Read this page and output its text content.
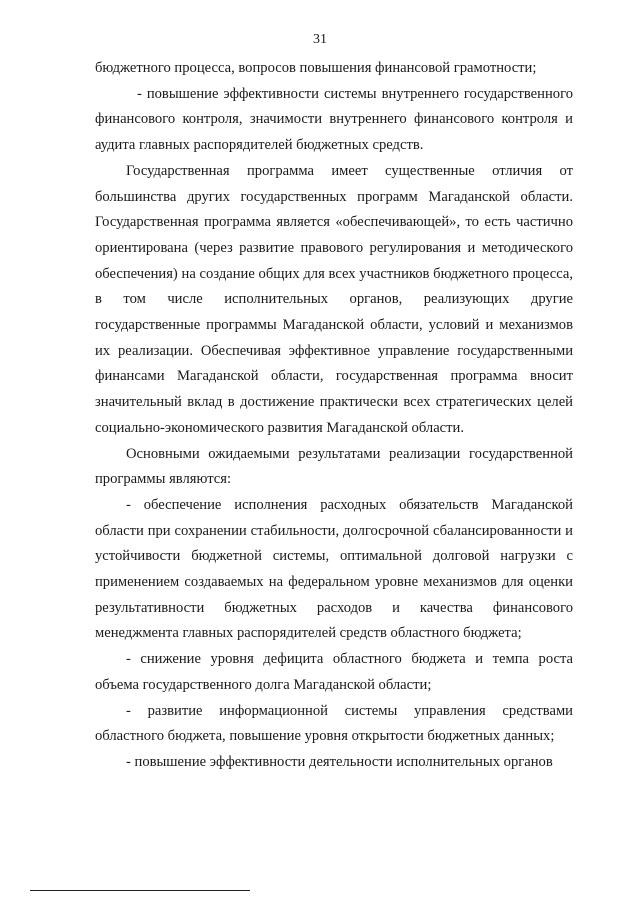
31

бюджетного процесса, вопросов повышения финансовой грамотности;

- повышение эффективности системы внутреннего государственного финансового контроля, значимости внутреннего финансового контроля и аудита главных распорядителей бюджетных средств.

Государственная программа имеет существенные отличия от большинства других государственных программ Магаданской области. Государственная программа является «обеспечивающей», то есть частично ориентирована (через развитие правового регулирования и методического обеспечения) на создание общих для всех участников бюджетного процесса, в том числе исполнительных органов, реализующих другие государственные программы Магаданской области, условий и механизмов их реализации. Обеспечивая эффективное управление государственными финансами Магаданской области, государственная программа вносит значительный вклад в достижение практически всех стратегических целей социально-экономического развития Магаданской области.

Основными ожидаемыми результатами реализации государственной программы являются:

- обеспечение исполнения расходных обязательств Магаданской области при сохранении стабильности, долгосрочной сбалансированности и устойчивости бюджетной системы, оптимальной долговой нагрузки с применением создаваемых на федеральном уровне механизмов для оценки результативности бюджетных расходов и качества финансового менеджмента главных распорядителей средств областного бюджета;

- снижение уровня дефицита областного бюджета и темпа роста объема государственного долга Магаданской области;

- развитие информационной системы управления средствами областного бюджета, повышение уровня открытости бюджетных данных;

- повышение эффективности деятельности исполнительных органов
